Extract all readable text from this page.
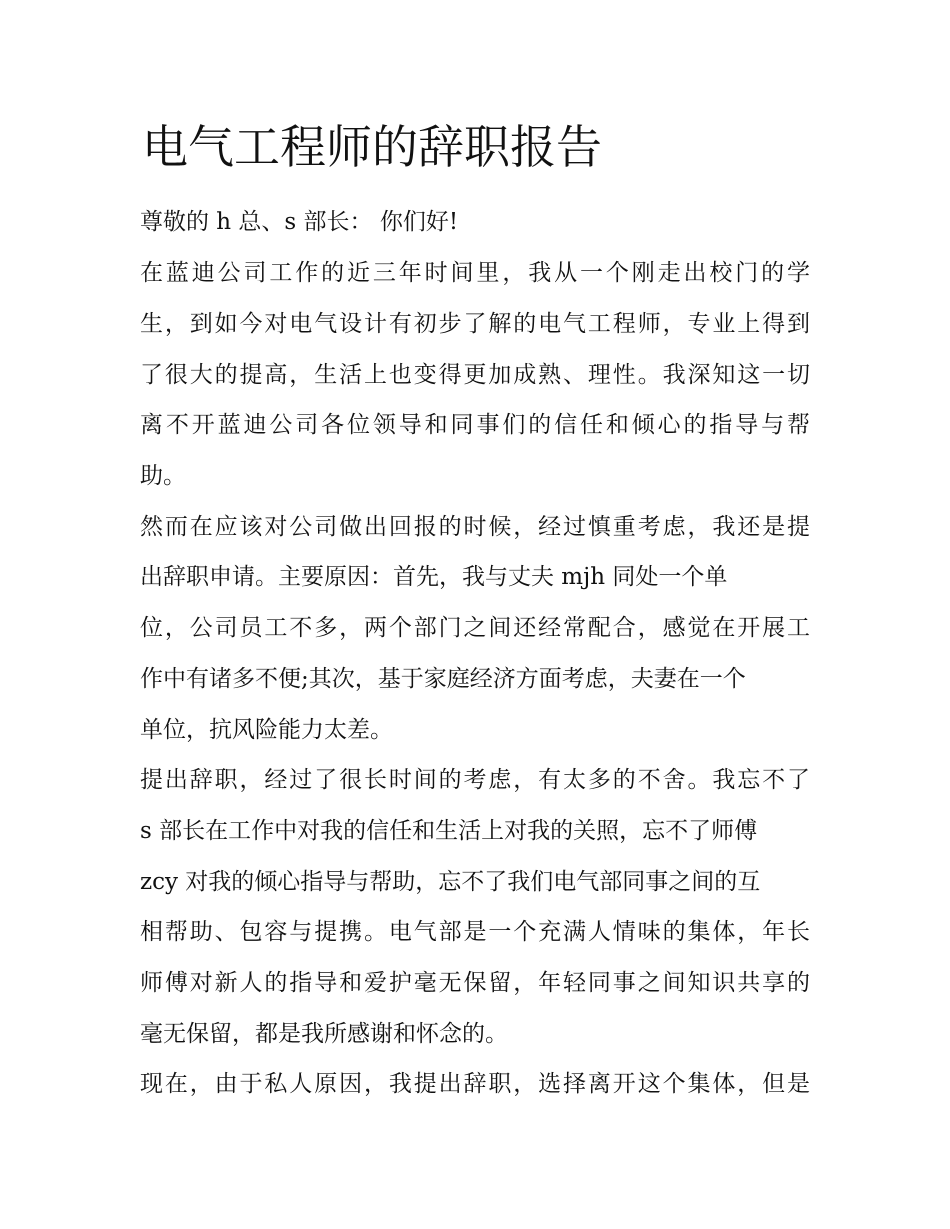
电气工程师的辞职报告

尊敬的 h 总、s 部长： 你们好!

在蓝迪公司工作的近三年时间里，我从一个刚走出校门的学

生，到如今对电气设计有初步了解的电气工程师，专业上得到

了很大的提高，生活上也变得更加成熟、理性。我深知这一切

离不开蓝迪公司各位领导和同事们的信任和倾心的指导与帮

助。

然而在应该对公司做出回报的时候，经过慎重考虑，我还是提

出辞职申请。主要原因：首先，我与丈夫 mjh 同处一个单

位，公司员工不多，两个部门之间还经常配合，感觉在开展工

作中有诸多不便;其次，基于家庭经济方面考虑，夫妻在一个

单位，抗风险能力太差。

提出辞职，经过了很长时间的考虑，有太多的不舍。我忘不了

s 部长在工作中对我的信任和生活上对我的关照，忘不了师傅

zcy 对我的倾心指导与帮助，忘不了我们电气部同事之间的互

相帮助、包容与提携。电气部是一个充满人情味的集体，年长

师傅对新人的指导和爱护毫无保留，年轻同事之间知识共享的

毫无保留，都是我所感谢和怀念的。

现在，由于私人原因，我提出辞职，选择离开这个集体，但是
